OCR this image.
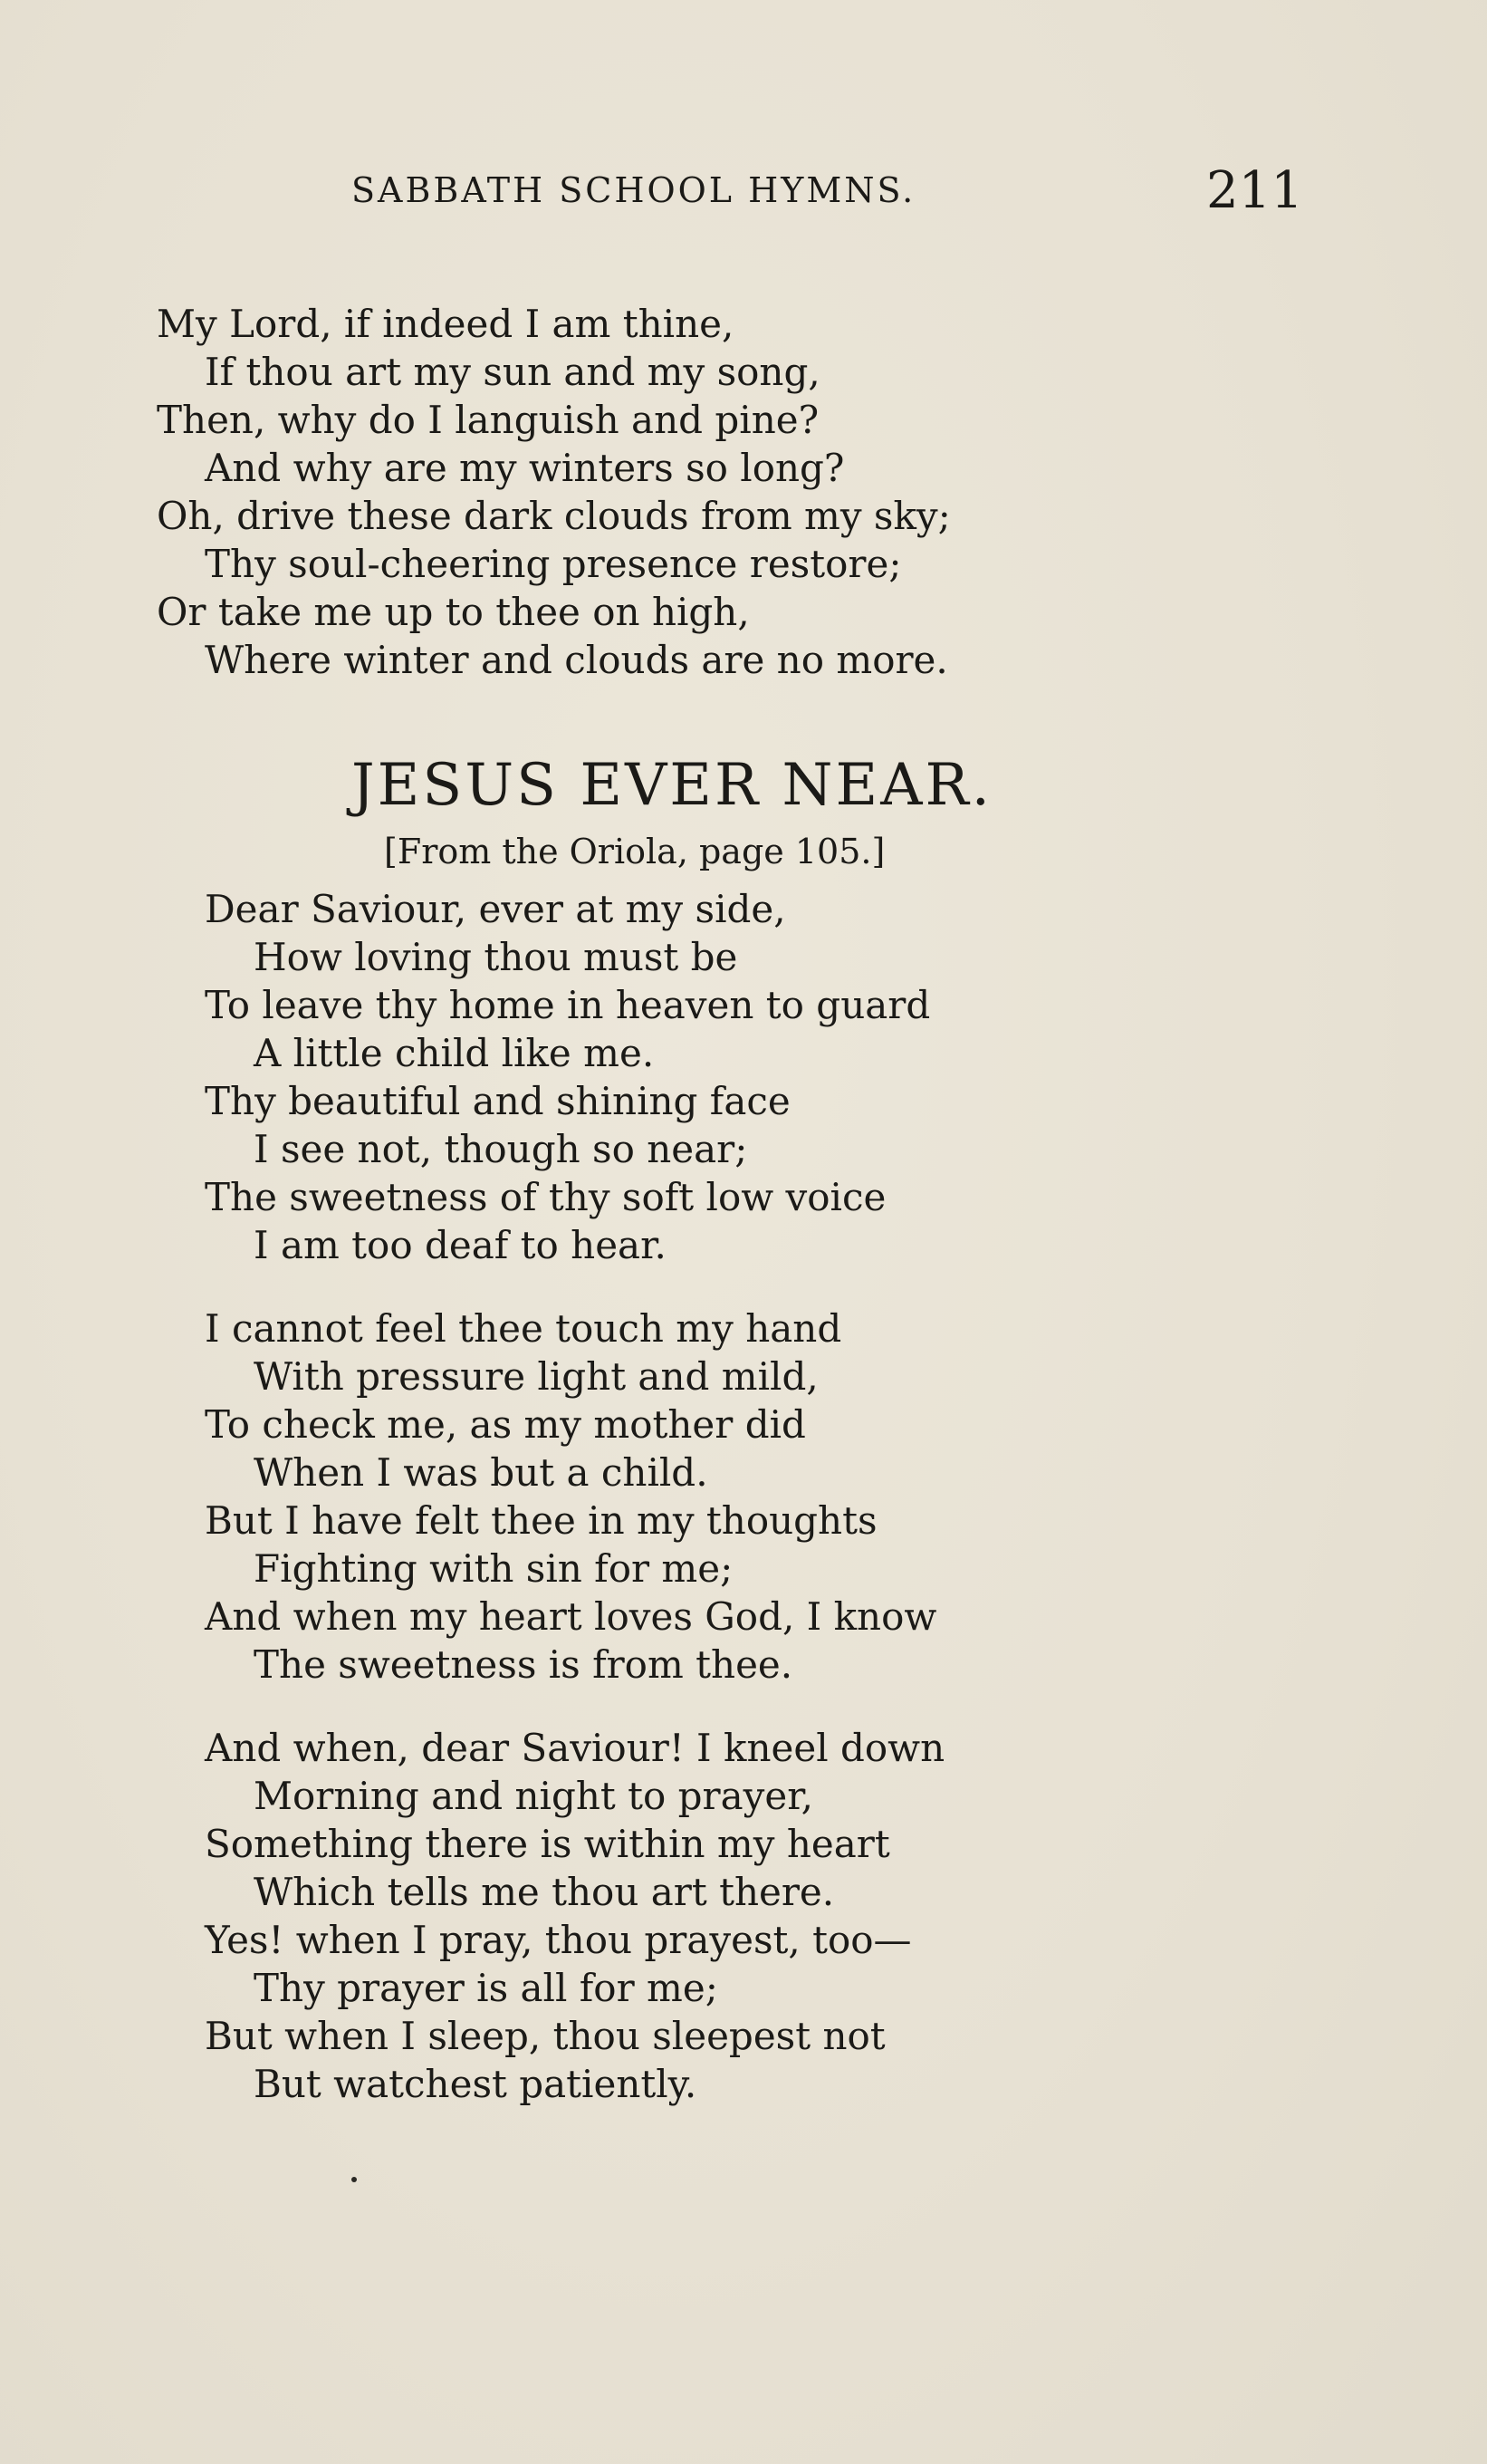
SABBATH SCHOOL HYMNS.	211
My Lord, if indeed I am thine,
If thou art my sun and my song,
Then, why do I languish and pine?
And why are my winters so long?
Oh, drive these dark clouds from my sky;
Thy soul-cheering presence restore;
Or take me up to thee on high,
Where winter and clouds are no more.
JESUS EVER NEAR.
[From the Oriola, page 105.]
Dear Saviour, ever at my side,
How loving thou must be
To leave thy home in heaven to guard
A little child like me.
Thy beautiful and shining face
I see not, though so near;
The sweetness of thy soft low voice
I am too deaf to hear.
I cannot feel thee touch my hand
With pressure light and mild,
To check me, as my mother did
When I was but a child.
But I have felt thee in my thoughts
Fighting with sin for me;
And when my heart loves God, I know
The sweetness is from thee.
And when, dear Saviour! I kneel down
Morning and night to prayer,
Something there is within my heart
Which tells me thou art there.
Yes! when I pray, thou prayest, too—
Thy prayer is all for me;
But when I sleep, thou sleepest not
But watchest patiently.
